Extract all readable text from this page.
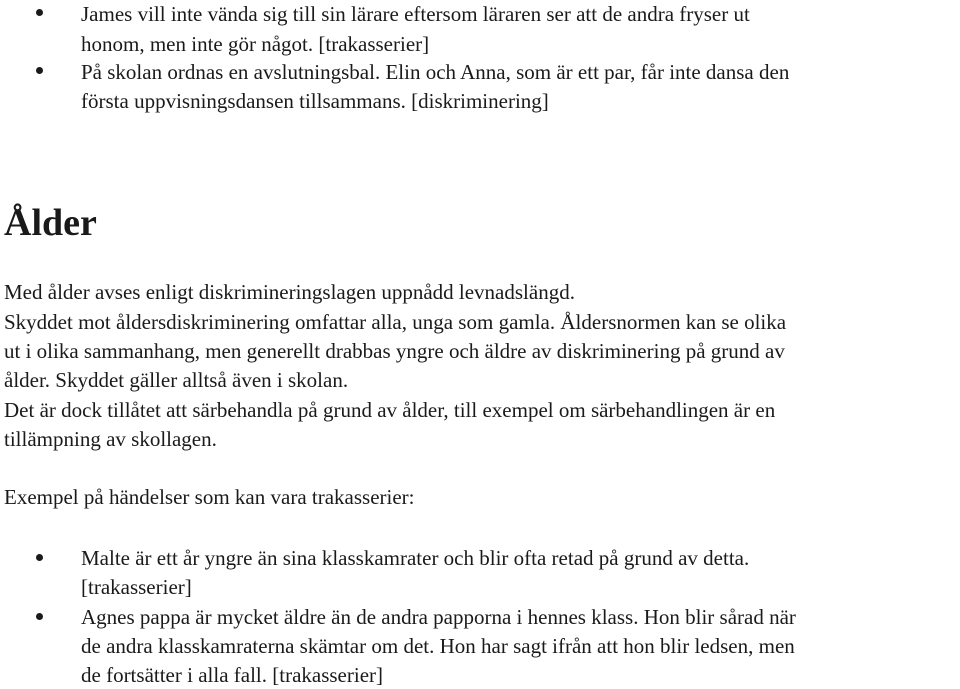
James vill inte vända sig till sin lärare eftersom läraren ser att de andra fryser ut
honom, men inte gör något. [trakasserier]
På skolan ordnas en avslutningsbal. Elin och Anna, som är ett par, får inte dansa den
första uppvisningsdansen tillsammans. [diskriminering]
Ålder
Med ålder avses enligt diskrimineringslagen uppnådd levnadslängd.
Skyddet mot åldersdiskriminering omfattar alla, unga som gamla. Åldersnormen kan se olika
ut i olika sammanhang, men generellt drabbas yngre och äldre av diskriminering på grund av
ålder. Skyddet gäller alltså även i skolan.
Det är dock tillåtet att särbehandla på grund av ålder, till exempel om särbehandlingen är en
tillämpning av skollagen.
Exempel på händelser som kan vara trakasserier:
Malte är ett år yngre än sina klasskamrater och blir ofta retad på grund av detta.
[trakasserier]
Agnes pappa är mycket äldre än de andra papporna i hennes klass. Hon blir sårad när
de andra klasskamraterna skämtar om det. Hon har sagt ifrån att hon blir ledsen, men
de fortsätter i alla fall. [trakasserier]
